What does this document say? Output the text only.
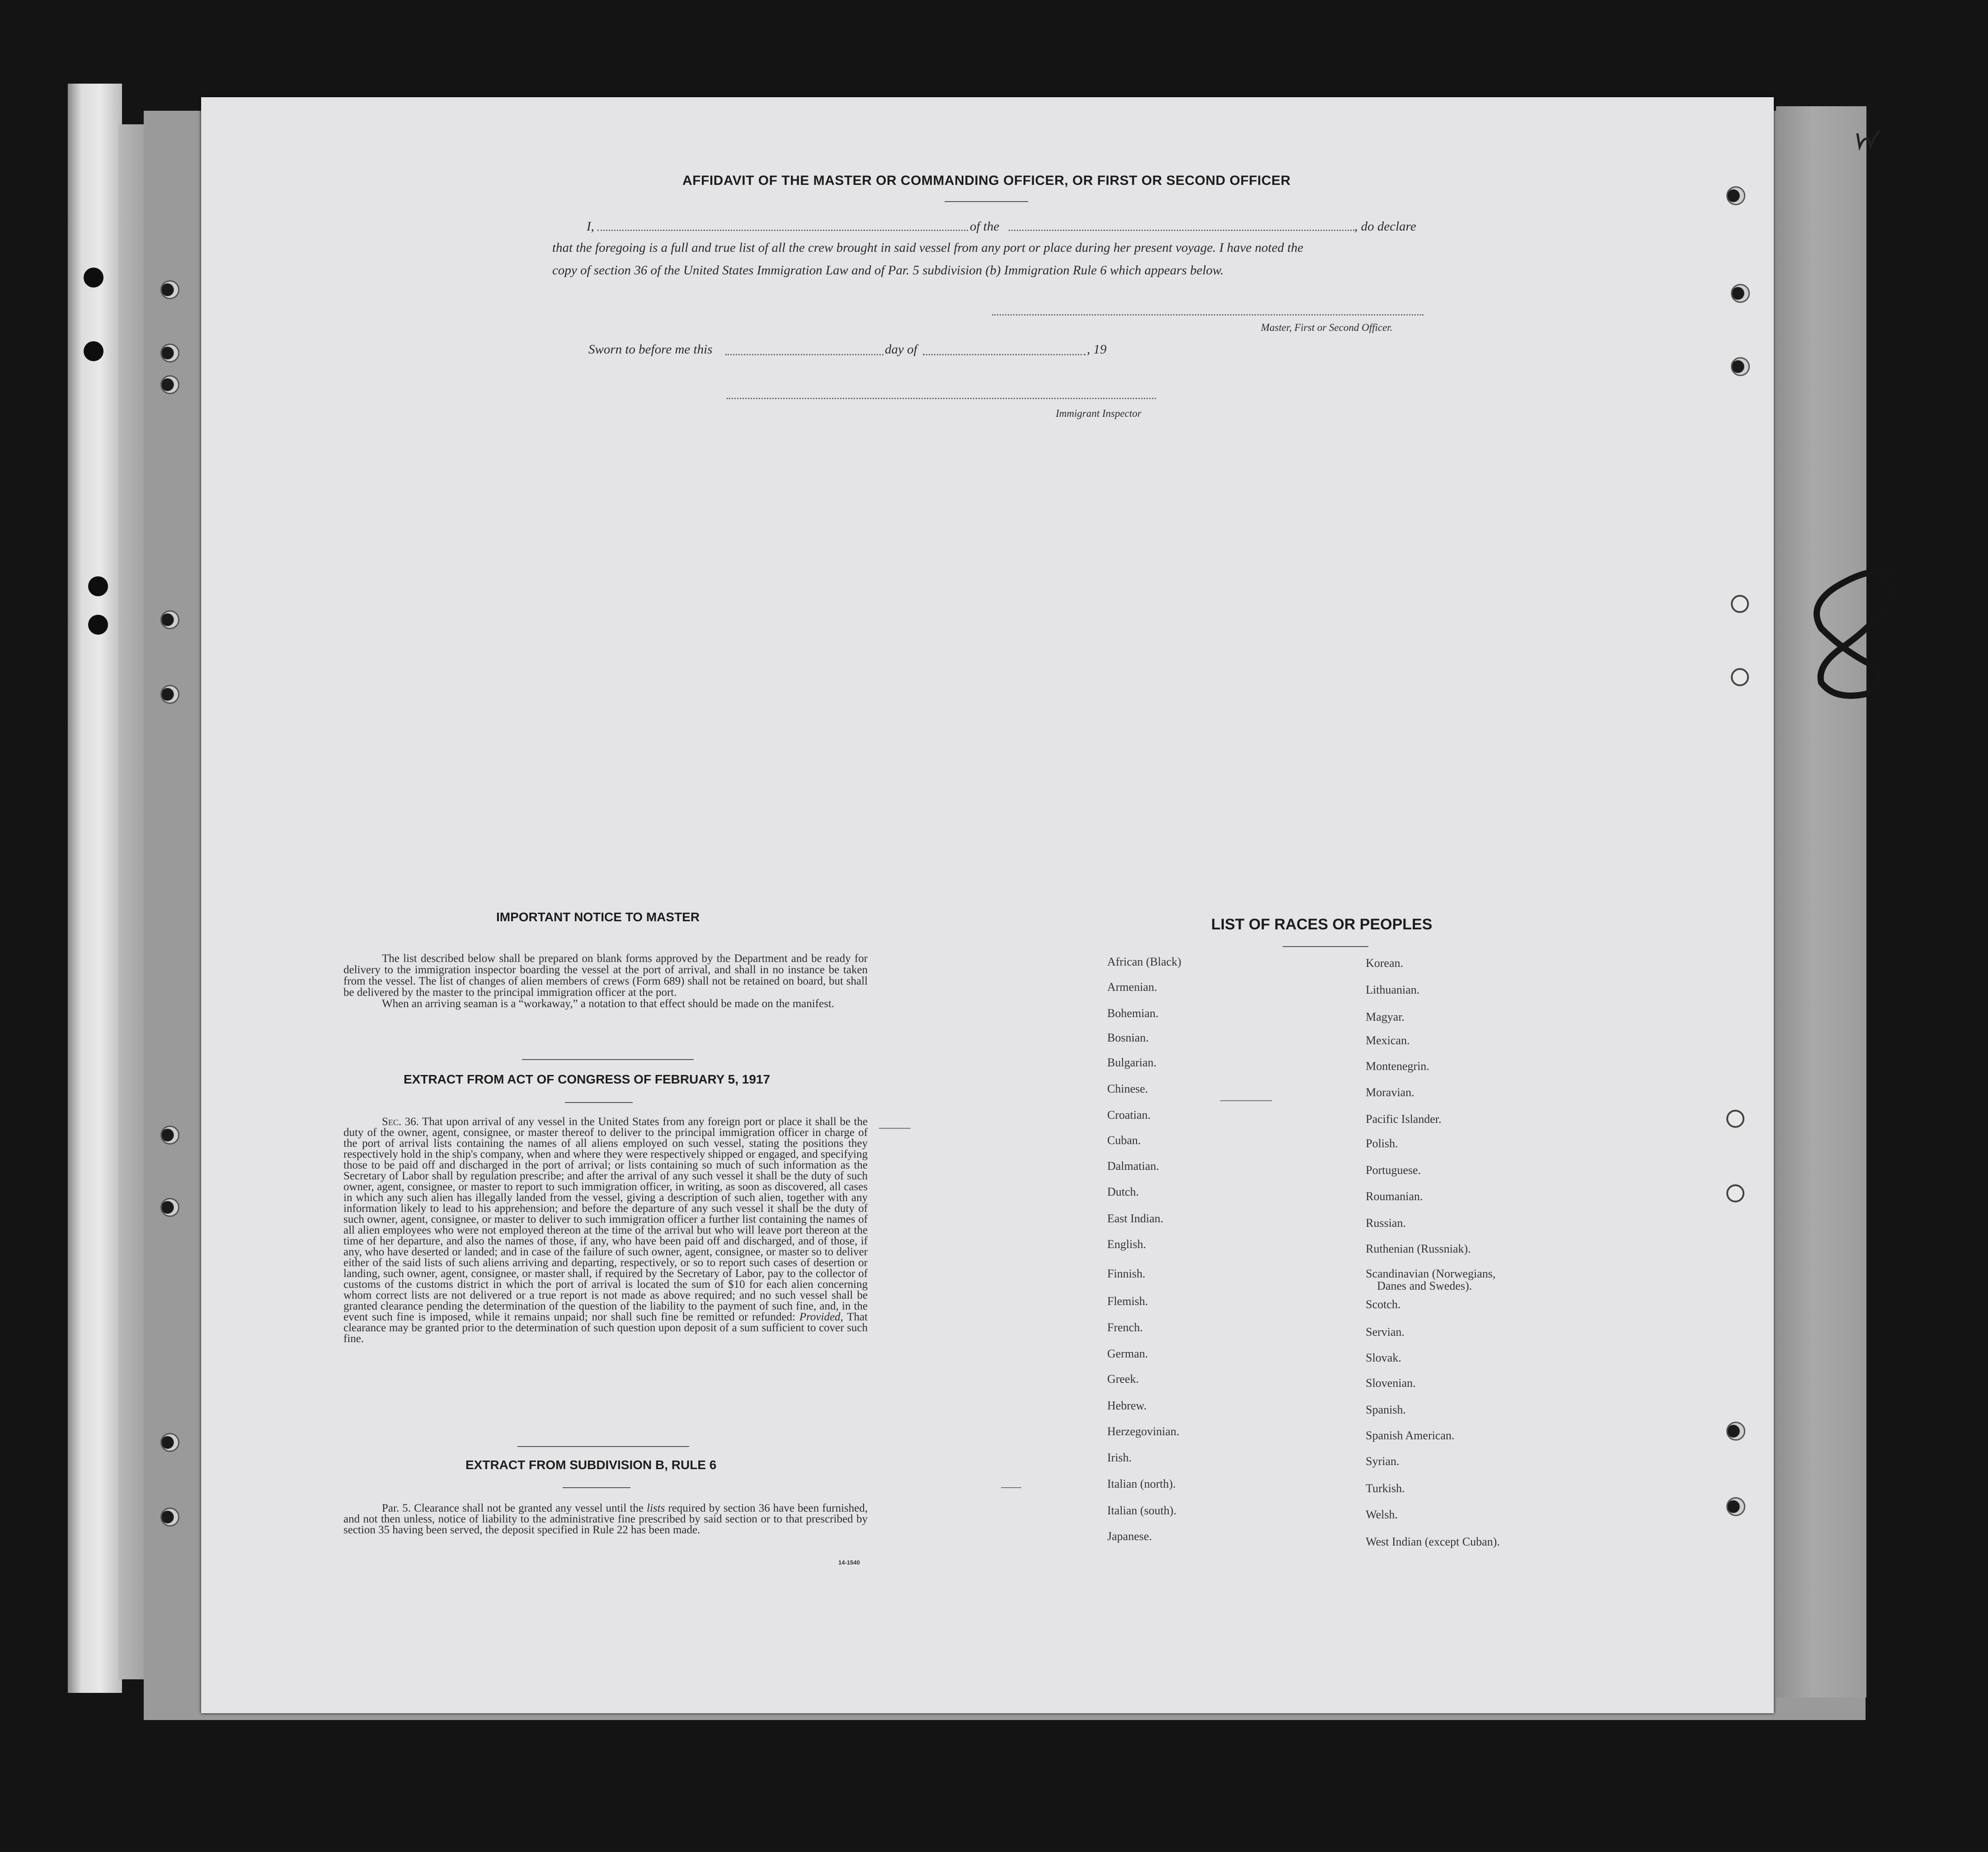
AFFIDAVIT OF THE MASTER OR COMMANDING OFFICER, OR FIRST OR SECOND OFFICER
I,	of the	, do declare
that the foregoing is a full and true list of all the crew brought in said vessel from any port or place during her present voyage. I have noted the
copy of section 36 of the United States Immigration Law and of Par. 5 subdivision (b) Immigration Rule 6 which appears below.
Master, First or Second Officer.
Sworn to before me this	day of	, 19
Immigrant Inspector
IMPORTANT NOTICE TO MASTER

The list described below shall be prepared on blank forms approved by the Department and be ready for delivery to the immigration inspector boarding the vessel at the port of arrival, and shall in no instance be taken from the vessel. The list of changes of alien members of crews (Form 689) shall not be retained on board, but shall be delivered by the master to the principal immigration officer at the port.

When an arriving seaman is a “workaway,” a notation to that effect should be made on the manifest.

EXTRACT FROM ACT OF CONGRESS OF FEBRUARY 5, 1917

Sec. 36. That upon arrival of any vessel in the United States from any foreign port or place it shall be the duty of the owner, agent, consignee, or master thereof to deliver to the principal immigration officer in charge of the port of arrival lists containing the names of all aliens employed on such vessel, stating the positions they respectively hold in the ship's company, when and where they were respectively shipped or engaged, and specifying those to be paid off and discharged in the port of arrival; or lists containing so much of such information as the Secretary of Labor shall by regulation prescribe; and after the arrival of any such vessel it shall be the duty of such owner, agent, consignee, or master to report to such immigration officer, in writing, as soon as discovered, all cases in which any such alien has illegally landed from the vessel, giving a description of such alien, together with any information likely to lead to his apprehension; and before the departure of any such vessel it shall be the duty of such owner, agent, consignee, or master to deliver to such immigration officer a further list containing the names of all alien employees who were not employed thereon at the time of the arrival but who will leave port thereon at the time of her departure, and also the names of those, if any, who have been paid off and discharged, and of those, if any, who have deserted or landed; and in case of the failure of such owner, agent, consignee, or master so to deliver either of the said lists of such aliens arriving and departing, respectively, or so to report such cases of desertion or landing, such owner, agent, consignee, or master shall, if required by the Secretary of Labor, pay to the collector of customs of the customs district in which the port of arrival is located the sum of $10 for each alien concerning whom correct lists are not delivered or a true report is not made as above required; and no such vessel shall be granted clearance pending the determination of the question of the liability to the payment of such fine, and, in the event such fine is imposed, while it remains unpaid; nor shall such fine be remitted or refunded: Provided, That clearance may be granted prior to the determination of such question upon deposit of a sum sufficient to cover such fine.

EXTRACT FROM SUBDIVISION B, RULE 6

Par. 5. Clearance shall not be granted any vessel until the lists required by section 36 have been furnished, and not then unless, notice of liability to the administrative fine prescribed by said section or to that prescribed by section 35 having been served, the deposit specified in Rule 22 has been made.

14-1540
LIST OF RACES OR PEOPLES
African (Black)
Armenian.
Bohemian.
Bosnian.
Bulgarian.
Chinese.
Croatian.
Cuban.
Dalmatian.
Dutch.
East Indian.
English.
Finnish.
Flemish.
French.
German.
Greek.
Hebrew.
Herzegovinian.
Irish.
Italian (north).
Italian (south).
Japanese.
Korean.
Lithuanian.
Magyar.
Mexican.
Montenegrin.
Moravian.
Pacific Islander.
Polish.
Portuguese.
Roumanian.
Russian.
Ruthenian (Russniak).
Scandinavian (Norwegians,
Scotch.
Servian.
Slovak.
Slovenian.
Spanish.
Spanish American.
Syrian.
Turkish.
Welsh.
West Indian (except Cuban).
Danes and Swedes).
